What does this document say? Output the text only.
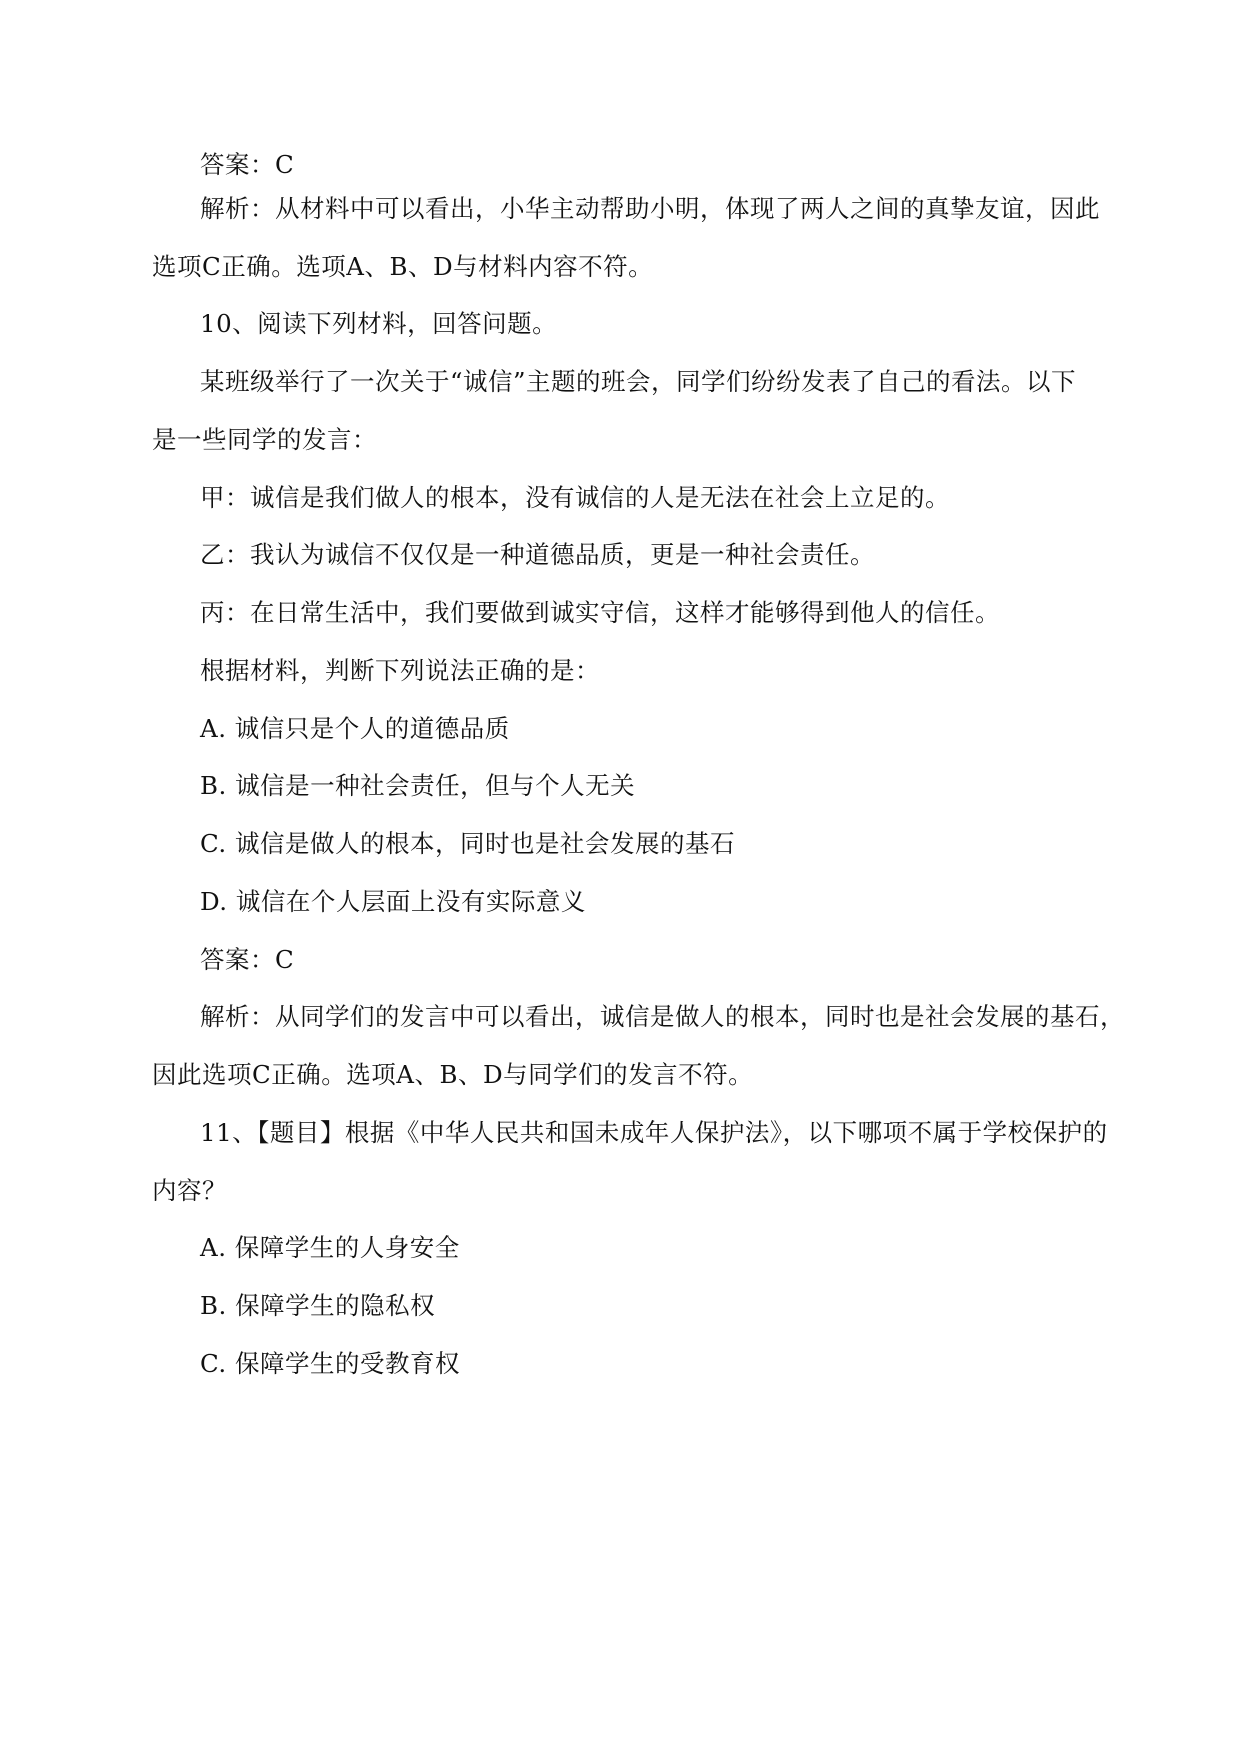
答案：C
解析：从材料中可以看出，小华主动帮助小明，体现了两人之间的真挚友谊，因此
选项C正确。选项A、B、D与材料内容不符。
10、阅读下列材料，回答问题。
某班级举行了一次关于“诚信”主题的班会，同学们纷纷发表了自己的看法。以下
是一些同学的发言：
甲：诚信是我们做人的根本，没有诚信的人是无法在社会上立足的。
乙：我认为诚信不仅仅是一种道德品质，更是一种社会责任。
丙：在日常生活中，我们要做到诚实守信，这样才能够得到他人的信任。
根据材料，判断下列说法正确的是：
A. 诚信只是个人的道德品质
B. 诚信是一种社会责任，但与个人无关
C. 诚信是做人的根本，同时也是社会发展的基石
D. 诚信在个人层面上没有实际意义
答案：C
解析：从同学们的发言中可以看出，诚信是做人的根本，同时也是社会发展的基石，
因此选项C正确。选项A、B、D与同学们的发言不符。
11、【题目】根据《中华人民共和国未成年人保护法》，以下哪项不属于学校保护的
内容？
A. 保障学生的人身安全
B. 保障学生的隐私权
C. 保障学生的受教育权
